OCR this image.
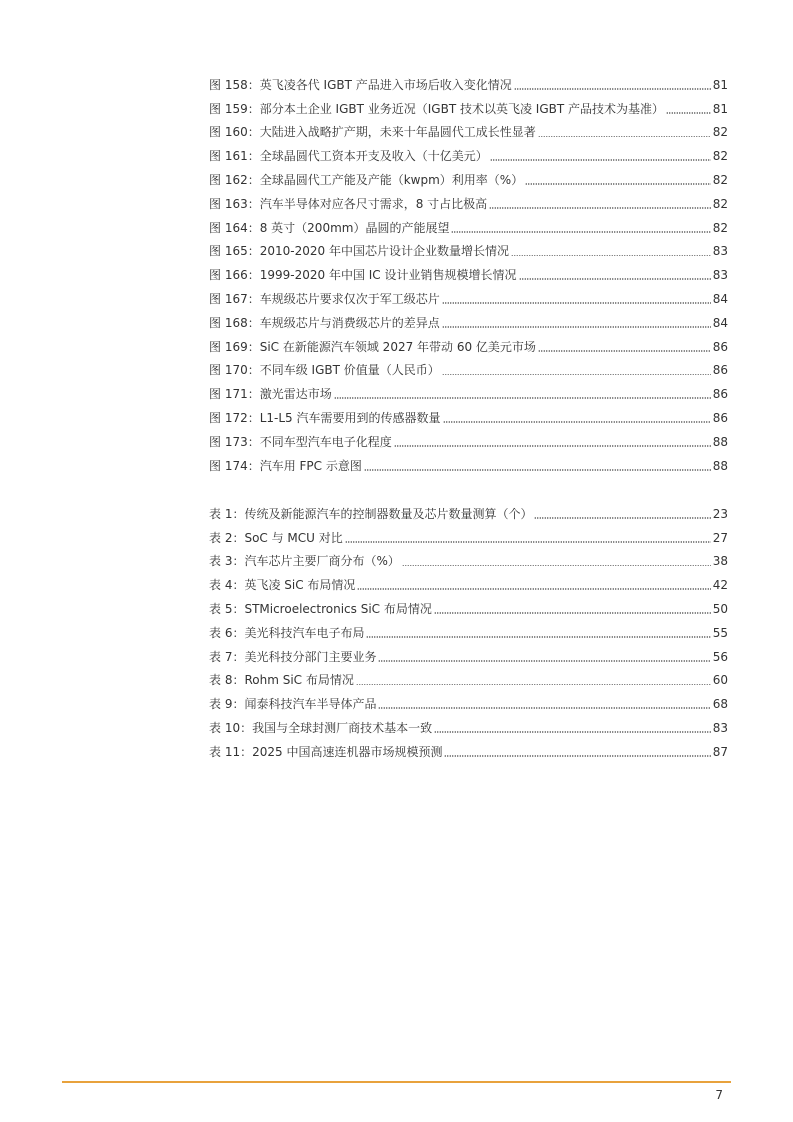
图 158：英飞凌各代 IGBT 产品进入市场后收入变化情况	81
图 159：部分本土企业 IGBT 业务近况（IGBT 技术以英飞凌 IGBT 产品技术为基准）	81
图 160：大陆进入战略扩产期，未来十年晶圆代工成长性显著	82
图 161：全球晶圆代工资本开支及收入（十亿美元）	82
图 162：全球晶圆代工产能及产能（kwpm）利用率（%）	82
图 163：汽车半导体对应各尺寸需求，8 寸占比极高	82
图 164：8 英寸（200mm）晶圆的产能展望	82
图 165：2010-2020 年中国芯片设计企业数量增长情况	83
图 166：1999-2020 年中国 IC 设计业销售规模增长情况	83
图 167：车规级芯片要求仅次于军工级芯片	84
图 168：车规级芯片与消费级芯片的差异点	84
图 169：SiC 在新能源汽车领域 2027 年带动 60 亿美元市场	86
图 170：不同车级 IGBT 价值量（人民币）	86
图 171：激光雷达市场	86
图 172：L1-L5 汽车需要用到的传感器数量	86
图 173：不同车型汽车电子化程度	88
图 174：汽车用 FPC 示意图	88
表 1：传统及新能源汽车的控制器数量及芯片数量测算（个）	23
表 2：SoC 与 MCU 对比	27
表 3：汽车芯片主要厂商分布（%）	38
表 4：英飞凌 SiC 布局情况	42
表 5：STMicroelectronics SiC 布局情况	50
表 6：美光科技汽车电子布局	55
表 7：美光科技分部门主要业务	56
表 8：Rohm SiC 布局情况	60
表 9：闻泰科技汽车半导体产品	68
表 10：我国与全球封测厂商技术基本一致	83
表 11：2025 中国高速连机器市场规模预测	87
7
